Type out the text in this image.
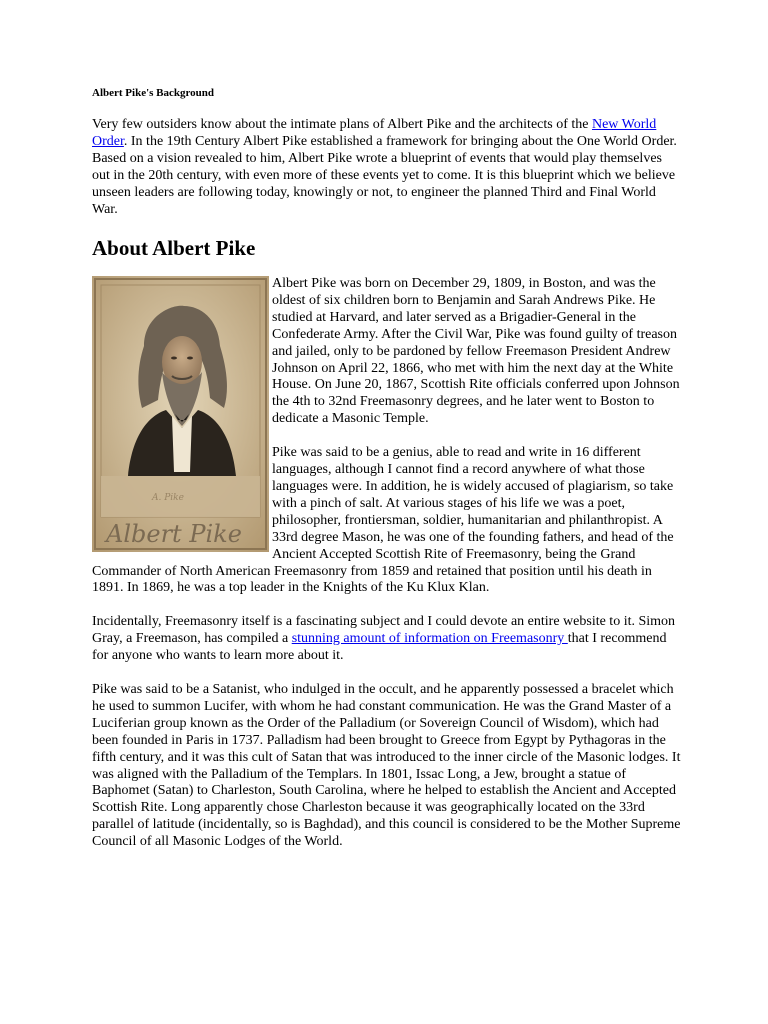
Albert Pike's Background

Very few outsiders know about the intimate plans of Albert Pike and the architects of the New World Order. In the 19th Century Albert Pike established a framework for bringing about the One World Order. Based on a vision revealed to him, Albert Pike wrote a blueprint of events that would play themselves out in the 20th century, with even more of these events yet to come. It is this blueprint which we believe unseen leaders are following today, knowingly or not, to engineer the planned Third and Final World War.

About Albert Pike
A. Pike
Albert Pike

Albert Pike was born on December 29, 1809, in Boston, and was the oldest of six children born to Benjamin and Sarah Andrews Pike. He studied at Harvard, and later served as a Brigadier-General in the Confederate Army. After the Civil War, Pike was found guilty of treason and jailed, only to be pardoned by fellow Freemason President Andrew Johnson on April 22, 1866, who met with him the next day at the White House. On June 20, 1867, Scottish Rite officials conferred upon Johnson the 4th to 32nd Freemasonry degrees, and he later went to Boston to dedicate a Masonic Temple.

Pike was said to be a genius, able to read and write in 16 different languages, although I cannot find a record anywhere of what those languages were. In addition, he is widely accused of plagiarism, so take with a pinch of salt. At various stages of his life we was a poet, philosopher, frontiersman, soldier, humanitarian and philanthropist. A 33rd degree Mason, he was one of the founding fathers, and head of the Ancient Accepted Scottish Rite of Freemasonry, being the Grand Commander of North American Freemasonry from 1859 and retained that position until his death in 1891. In 1869, he was a top leader in the Knights of the Ku Klux Klan.

Incidentally, Freemasonry itself is a fascinating subject and I could devote an entire website to it. Simon Gray, a Freemason, has compiled a stunning amount of information on Freemasonry that I recommend for anyone who wants to learn more about it.

Pike was said to be a Satanist, who indulged in the occult, and he apparently possessed a bracelet which he used to summon Lucifer, with whom he had constant communication. He was the Grand Master of a Luciferian group known as the Order of the Palladium (or Sovereign Council of Wisdom), which had been founded in Paris in 1737. Palladism had been brought to Greece from Egypt by Pythagoras in the fifth century, and it was this cult of Satan that was introduced to the inner circle of the Masonic lodges. It was aligned with the Palladium of the Templars. In 1801, Issac Long, a Jew, brought a statue of Baphomet (Satan) to Charleston, South Carolina, where he helped to establish the Ancient and Accepted Scottish Rite. Long apparently chose Charleston because it was geographically located on the 33rd parallel of latitude (incidentally, so is Baghdad), and this council is considered to be the Mother Supreme Council of all Masonic Lodges of the World.
